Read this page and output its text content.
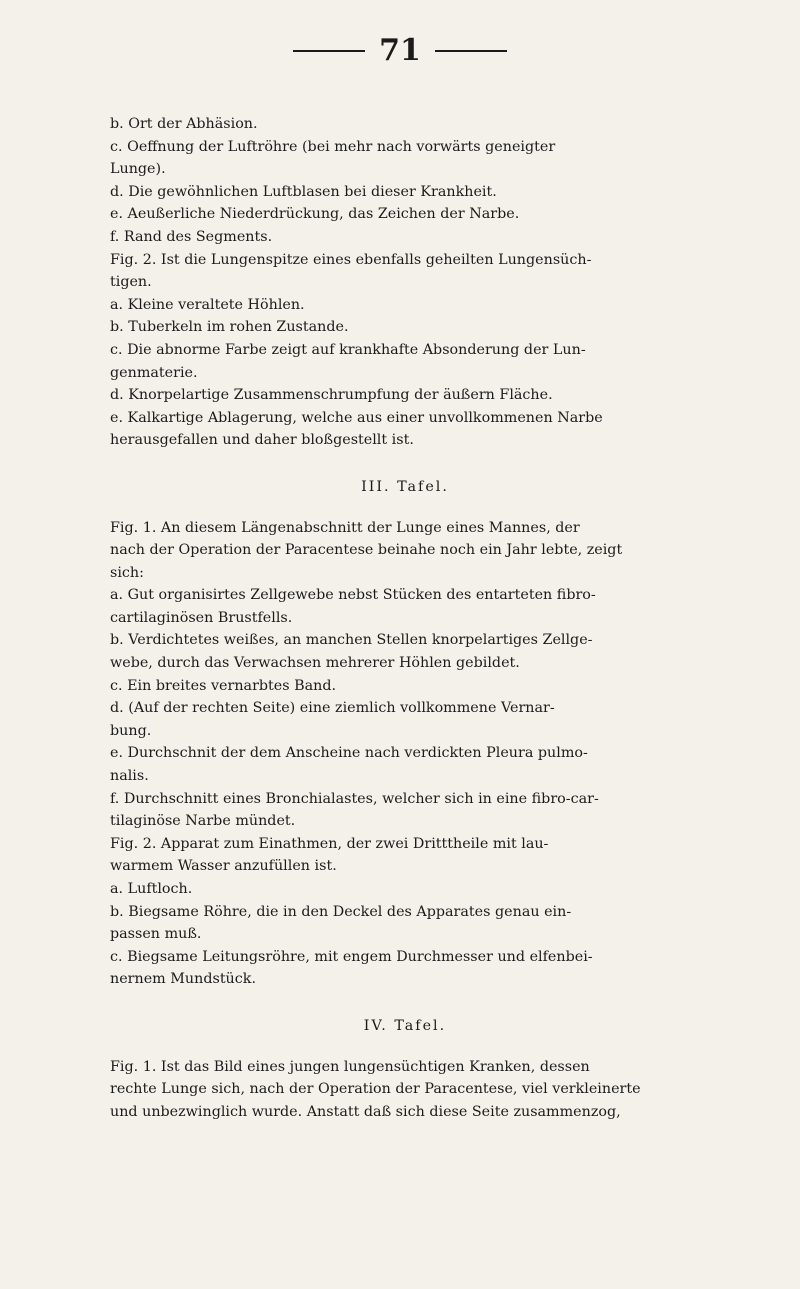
71
b. Ort der Abhäsion.
c. Oeffnung der Luftröhre (bei mehr nach vorwärts geneigter
Lunge).
d. Die gewöhnlichen Luftblasen bei dieser Krankheit.
e. Aeußerliche Niederdrückung, das Zeichen der Narbe.
f. Rand des Segments.
Fig. 2. Ist die Lungenspitze eines ebenfalls geheilten Lungensüch-
tigen.
a. Kleine veraltete Höhlen.
b. Tuberkeln im rohen Zustande.
c. Die abnorme Farbe zeigt auf krankhafte Absonderung der Lun-
genmaterie.
d. Knorpelartige Zusammenschrumpfung der äußern Fläche.
e. Kalkartige Ablagerung, welche aus einer unvollkommenen Narbe
herausgefallen und daher bloßgestellt ist.
III. Tafel.
Fig. 1. An diesem Längenabschnitt der Lunge eines Mannes, der
nach der Operation der Paracentese beinahe noch ein Jahr lebte, zeigt
sich:
a. Gut organisirtes Zellgewebe nebst Stücken des entarteten fibro-
cartilaginösen Brustfells.
b. Verdichtetes weißes, an manchen Stellen knorpelartiges Zellge-
webe, durch das Verwachsen mehrerer Höhlen gebildet.
c. Ein breites vernarbtes Band.
d. (Auf der rechten Seite) eine ziemlich vollkommene Vernar-
bung.
e. Durchschnit der dem Anscheine nach verdickten Pleura pulmo-
nalis.
f. Durchschnitt eines Bronchialastes, welcher sich in eine fibro-car-
tilaginöse Narbe mündet.
Fig. 2. Apparat zum Einathmen, der zwei Dritttheile mit lau-
warmem Wasser anzufüllen ist.
a. Luftloch.
b. Biegsame Röhre, die in den Deckel des Apparates genau ein-
passen muß.
c. Biegsame Leitungsröhre, mit engem Durchmesser und elfenbei-
nernem Mundstück.
IV. Tafel.
Fig. 1. Ist das Bild eines jungen lungensüchtigen Kranken, dessen
rechte Lunge sich, nach der Operation der Paracentese, viel verkleinerte
und unbezwinglich wurde. Anstatt daß sich diese Seite zusammenzog,
